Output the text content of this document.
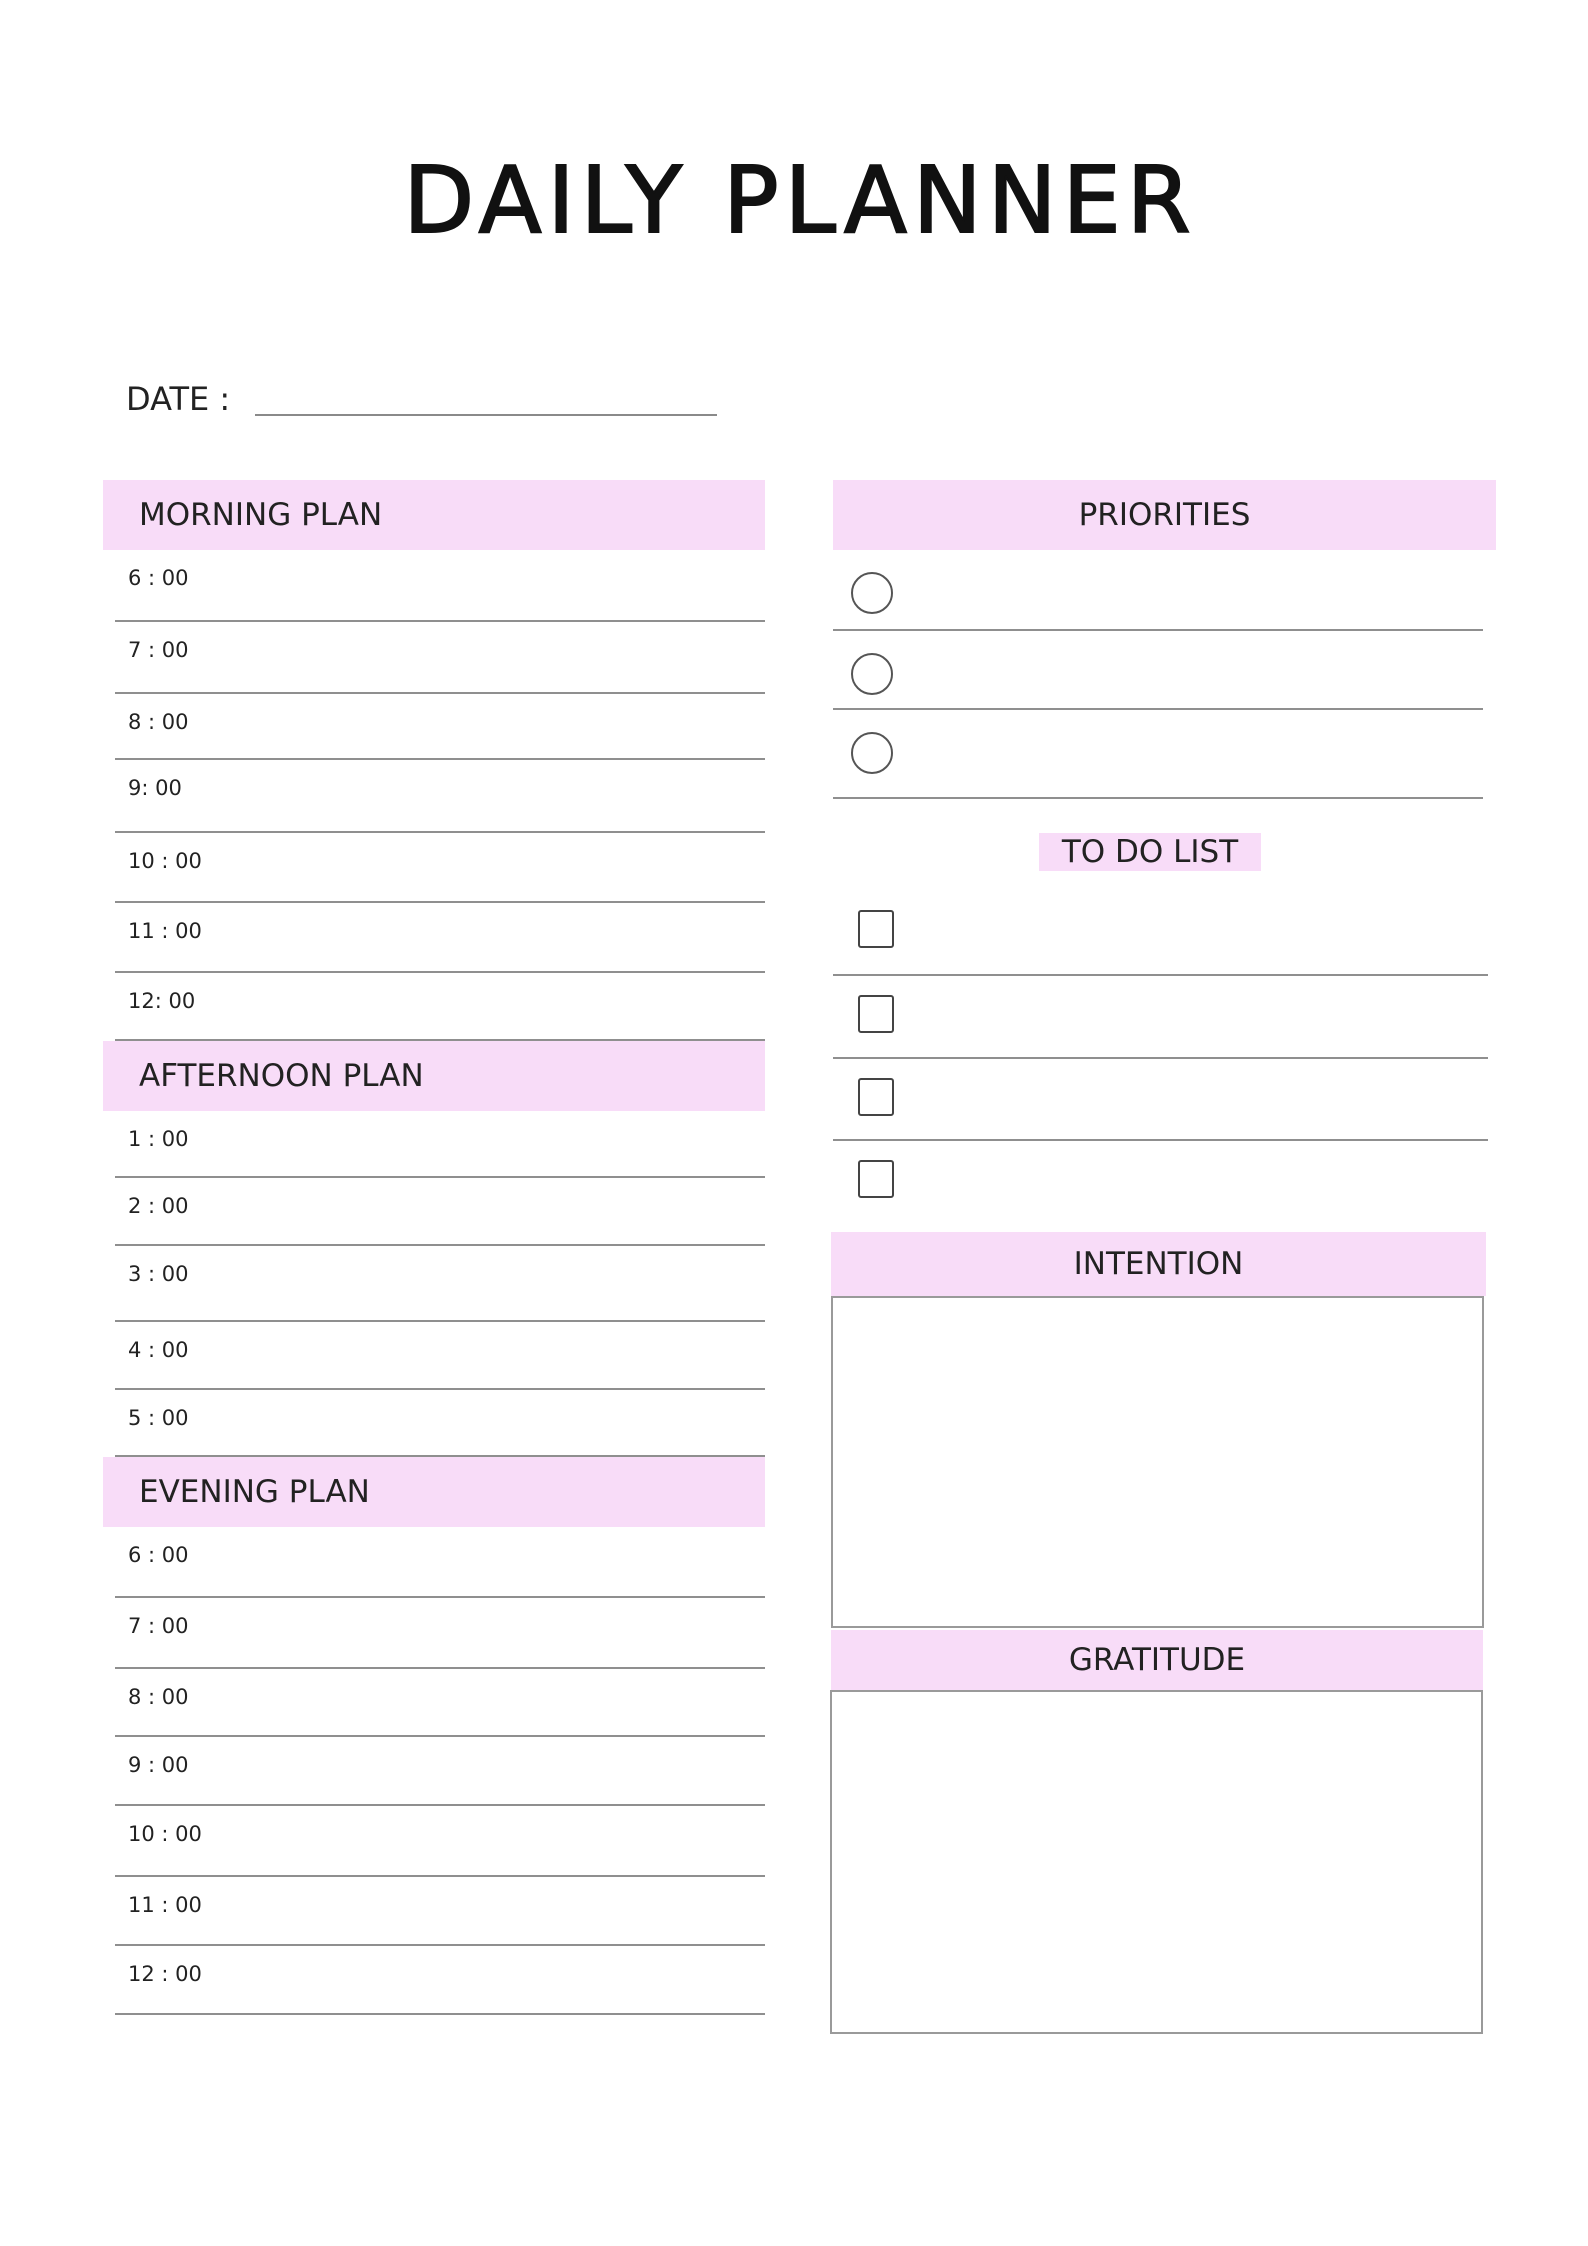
DAILY PLANNER
DATE :
MORNING PLAN
6 : 00
7 : 00
8 : 00
9: 00
10 : 00
11 : 00
12: 00
AFTERNOON PLAN
1 : 00
2 : 00
3 : 00
4 : 00
5 : 00
EVENING PLAN
6 : 00
7 : 00
8 : 00
9 : 00
10 : 00
11 : 00
12 : 00
PRIORITIES
TO DO LIST
INTENTION
GRATITUDE
